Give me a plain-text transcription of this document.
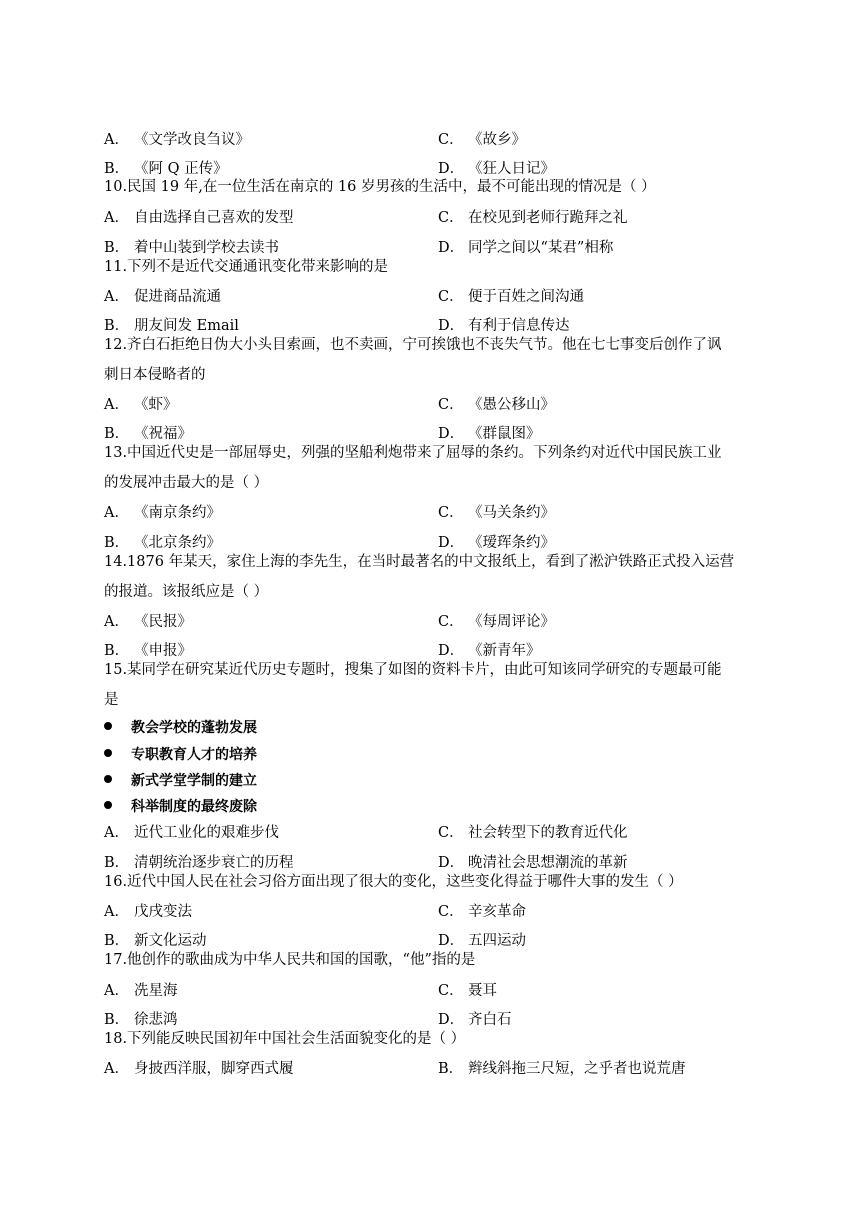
A． 《文学改良刍议》	C． 《故乡》
B． 《阿 Q 正传》	D． 《狂人日记》
10.民国 19 年,在一位生活在南京的 16 岁男孩的生活中，最不可能出现的情况是（ ）
A． 自由选择自己喜欢的发型	C． 在校见到老师行跪拜之礼
B． 着中山装到学校去读书	D． 同学之间以“某君”相称
11.下列不是近代交通通讯变化带来影响的是
A． 促进商品流通	C． 便于百姓之间沟通
B． 朋友间发 Email	D． 有利于信息传达
12.齐白石拒绝日伪大小头目索画，也不卖画，宁可挨饿也不丧失气节。他在七七事变后创作了讽
刺日本侵略者的
A． 《虾》	C． 《愚公移山》
B． 《祝福》	D． 《群鼠图》
13.中国近代史是一部屈辱史，列强的坚船利炮带来了屈辱的条约。下列条约对近代中国民族工业
的发展冲击最大的是（ ）
A． 《南京条约》	C． 《马关条约》
B． 《北京条约》	D． 《瑷珲条约》
14.1876 年某天，家住上海的李先生，在当时最著名的中文报纸上，看到了淞沪铁路正式投入运营
的报道。该报纸应是（ ）
A． 《民报》	C． 《每周评论》
B． 《申报》	D． 《新青年》
15.某同学在研究某近代历史专题时，搜集了如图的资料卡片，由此可知该同学研究的专题最可能
是
教会学校的蓬勃发展
专职教育人才的培养
新式学堂学制的建立
科举制度的最终废除
A． 近代工业化的艰难步伐	C． 社会转型下的教育近代化
B． 清朝统治逐步衰亡的历程	D． 晚清社会思想潮流的革新
16.近代中国人民在社会习俗方面出现了很大的变化，这些变化得益于哪件大事的发生（ ）
A． 戊戌变法	C． 辛亥革命
B． 新文化运动	D． 五四运动
17.他创作的歌曲成为中华人民共和国的国歌，“他”指的是
A． 冼星海	C． 聂耳
B． 徐悲鸿	D． 齐白石
18.下列能反映民国初年中国社会生活面貌变化的是（ ）
A． 身披西洋服，脚穿西式履	B． 辫线斜拖三尺短，之乎者也说荒唐
